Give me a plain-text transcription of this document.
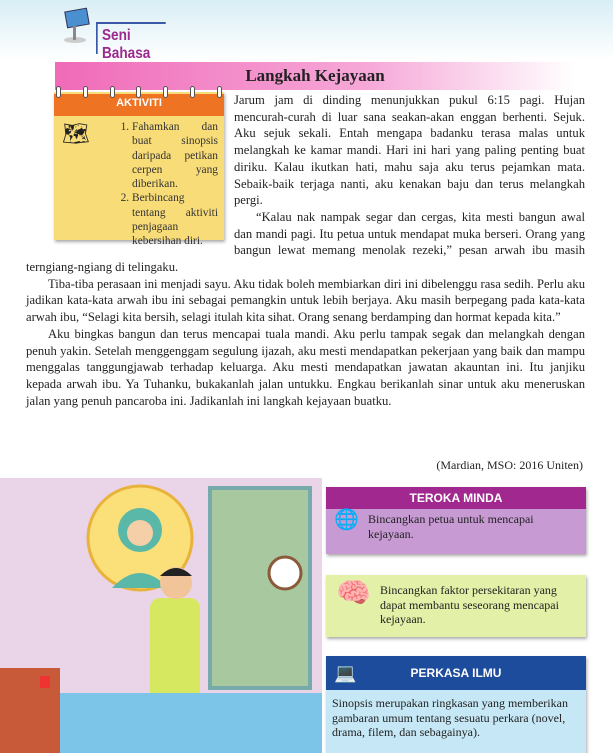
Seni Bahasa
Langkah Kejayaan
AKTIVITI
🗺	1. Fahamkan dan buat sinopsis daripada petikan cerpen yang diberikan.
2. Berbincang tentang aktiviti penjagaan kebersihan diri.

Jarum jam di dinding menunjukkan pukul 6:15 pagi. Hujan mencurah-curah di luar sana seakan-akan enggan berhenti. Sejuk. Aku sejuk sekali. Entah mengapa badanku terasa malas untuk melangkah ke kamar mandi. Hari ini hari yang paling penting buat diriku. Kalau ikutkan hati, mahu saja aku terus pejamkan mata. Sebaik-baik terjaga nanti, aku kenakan baju dan terus melangkah pergi.

“Kalau nak nampak segar dan cergas, kita mesti bangun awal dan mandi pagi. Itu petua untuk mendapat muka berseri. Orang yang bangun lewat memang menolak rezeki,” pesan arwah ibu masih terngiang-ngiang di telingaku.

Tiba-tiba perasaan ini menjadi sayu. Aku tidak boleh membiarkan diri ini dibelenggu rasa sedih. Perlu aku jadikan kata-kata arwah ibu ini sebagai pemangkin untuk lebih berjaya. Aku masih berpegang pada kata-kata arwah ibu, “Selagi kita bersih, selagi itulah kita sihat. Orang senang berdamping dan hormat kepada kita.”

Aku bingkas bangun dan terus mencapai tuala mandi. Aku perlu tampak segak dan melangkah dengan penuh yakin. Setelah menggenggam segulung ijazah, aku mesti mendapatkan pekerjaan yang baik dan mampu menggalas tanggungjawab terhadap keluarga. Aku mesti mendapatkan jawatan akauntan ini. Itu janjiku kepada arwah ibu. Ya Tuhanku, bukakanlah jalan untukku. Engkau berikanlah sinar untuk aku meneruskan jalan yang penuh pancaroba ini. Jadikanlah ini langkah kejayaan buatku.

(Mardian, MSO: 2016 Uniten)
TEROKA MINDA
🌐 Bincangkan petua untuk mencapai kejayaan.
🧠 Bincangkan faktor persekitaran yang dapat membantu seseorang mencapai kejayaan.
💻	PERKASA ILMU
Sinopsis merupakan ringkasan yang memberikan gambaran umum tentang sesuatu perkara (novel, drama, filem, dan sebagainya).
